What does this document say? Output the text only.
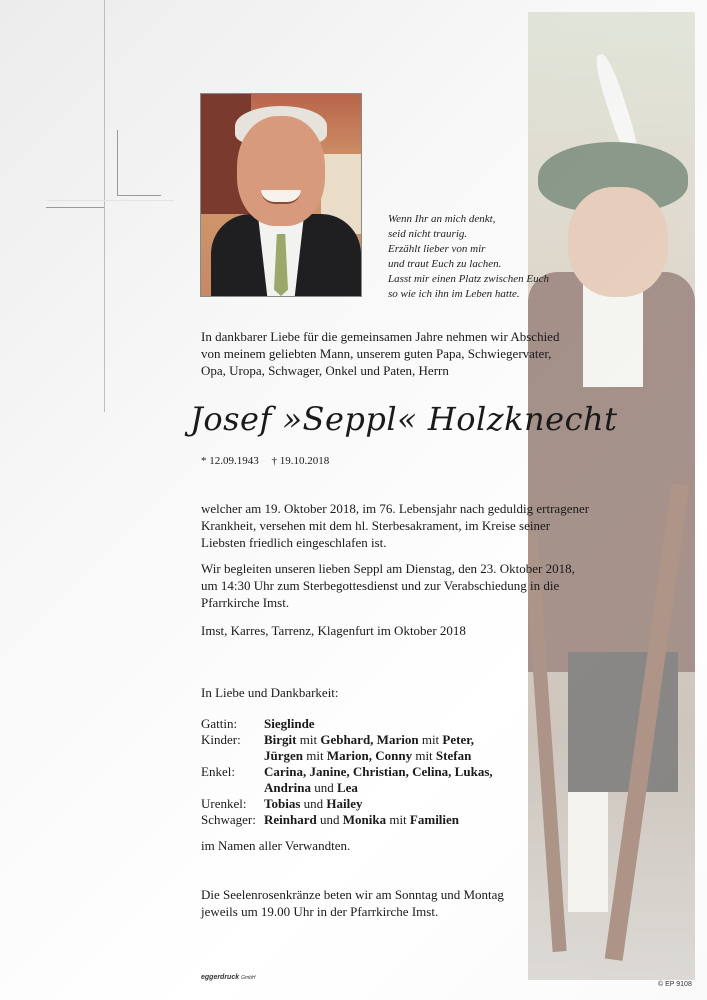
Wenn Ihr an mich denkt,
seid nicht traurig.
Erzählt lieber von mir
und traut Euch zu lachen.
Lasst mir einen Platz zwischen Euch
so wie ich ihn im Leben hatte.
In dankbarer Liebe für die gemeinsamen Jahre nehmen wir Abschied
von meinem geliebten Mann, unserem guten Papa, Schwiegervater,
Opa, Uropa, Schwager, Onkel und Paten, Herrn
Josef »Seppl« Holzknecht
* 12.09.1943 † 19.10.2018
welcher am 19. Oktober 2018, im 76. Lebensjahr nach geduldig ertragener
Krankheit, versehen mit dem hl. Sterbesakrament, im Kreise seiner
Liebsten friedlich eingeschlafen ist.
Wir begleiten unseren lieben Seppl am Dienstag, den 23. Oktober 2018,
um 14:30 Uhr zum Sterbegottesdienst und zur Verabschiedung in die
Pfarrkirche Imst.
Imst, Karres, Tarrenz, Klagenfurt im Oktober 2018
In Liebe und Dankbarkeit:
Gattin:	Sieglinde
Kinder:	Birgit mit Gebhard, Marion mit Peter,
Jürgen mit Marion, Conny mit Stefan
Enkel:	Carina, Janine, Christian, Celina, Lukas,
Andrina und Lea
Urenkel:	Tobias und Hailey
Schwager: Reinhard und Monika mit Familien
im Namen aller Verwandten.
Die Seelenrosenkränze beten wir am Sonntag und Montag
jeweils um 19.00 Uhr in der Pfarrkirche Imst.
eggerdruck GmbH
© EP 9108
